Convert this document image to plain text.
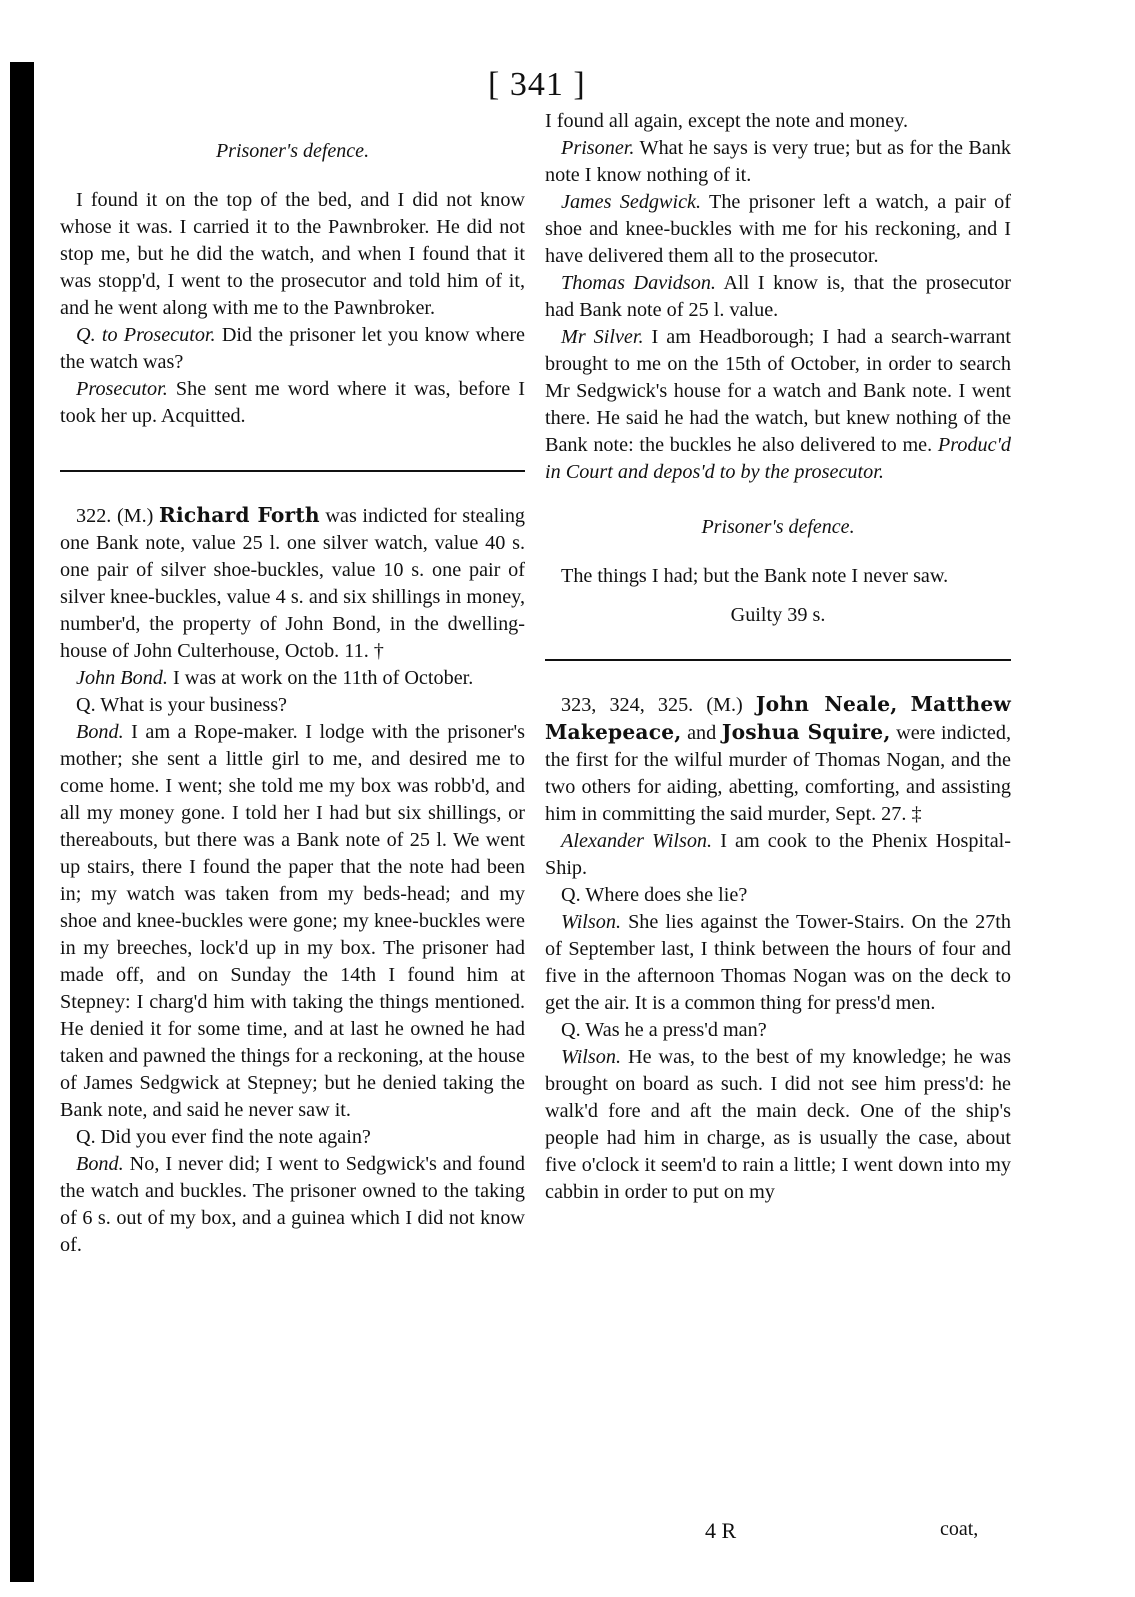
[ 341 ]
Prisoner's defence.

I found it on the top of the bed, and I did not know whose it was. I carried it to the Pawnbroker. He did not stop me, but he did the watch, and when I found that it was stopp'd, I went to the prosecutor and told him of it, and he went along with me to the Pawnbroker.

Q. to Prosecutor. Did the prisoner let you know where the watch was?

Prosecutor. She sent me word where it was, before I took her up. Acquitted.

322. (M.) Richard Forth was indicted for stealing one Bank note, value 25 l. one silver watch, value 40 s. one pair of silver shoe-buckles, value 10 s. one pair of silver knee-buckles, value 4 s. and six shillings in money, number'd, the property of John Bond, in the dwelling-house of John Culterhouse, Octob. 11. †

John Bond. I was at work on the 11th of October.

Q. What is your business?

Bond. I am a Rope-maker. I lodge with the prisoner's mother; she sent a little girl to me, and desired me to come home. I went; she told me my box was robb'd, and all my money gone. I told her I had but six shillings, or thereabouts, but there was a Bank note of 25 l. We went up stairs, there I found the paper that the note had been in; my watch was taken from my beds-head; and my shoe and knee-buckles were gone; my knee-buckles were in my breeches, lock'd up in my box. The prisoner had made off, and on Sunday the 14th I found him at Stepney: I charg'd him with taking the things mentioned. He denied it for some time, and at last he owned he had taken and pawned the things for a reckoning, at the house of James Sedgwick at Stepney; but he denied taking the Bank note, and said he never saw it.

Q. Did you ever find the note again?

Bond. No, I never did; I went to Sedgwick's and found the watch and buckles. The prisoner owned to the taking of 6 s. out of my box, and a guinea which I did not know of.

I found all again, except the note and money.

Prisoner. What he says is very true; but as for the Bank note I know nothing of it.

James Sedgwick. The prisoner left a watch, a pair of shoe and knee-buckles with me for his reckoning, and I have delivered them all to the prosecutor.

Thomas Davidson. All I know is, that the prosecutor had Bank note of 25 l. value.

Mr Silver. I am Headborough; I had a search-warrant brought to me on the 15th of October, in order to search Mr Sedgwick's house for a watch and Bank note. I went there. He said he had the watch, but knew nothing of the Bank note: the buckles he also delivered to me. Produc'd in Court and depos'd to by the prosecutor.

Prisoner's defence.

The things I had; but the Bank note I never saw.

Guilty 39 s.

323, 324, 325. (M.) John Neale, Matthew Makepeace, and Joshua Squire, were indicted, the first for the wilful murder of Thomas Nogan, and the two others for aiding, abetting, comforting, and assisting him in committing the said murder, Sept. 27. ‡

Alexander Wilson. I am cook to the Phenix Hospital-Ship.

Q. Where does she lie?

Wilson. She lies against the Tower-Stairs. On the 27th of September last, I think between the hours of four and five in the afternoon Thomas Nogan was on the deck to get the air. It is a common thing for press'd men.

Q. Was he a press'd man?

Wilson. He was, to the best of my knowledge; he was brought on board as such. I did not see him press'd: he walk'd fore and aft the main deck. One of the ship's people had him in charge, as is usually the case, about five o'clock it seem'd to rain a little; I went down into my cabbin in order to put on my

4 R	coat,
